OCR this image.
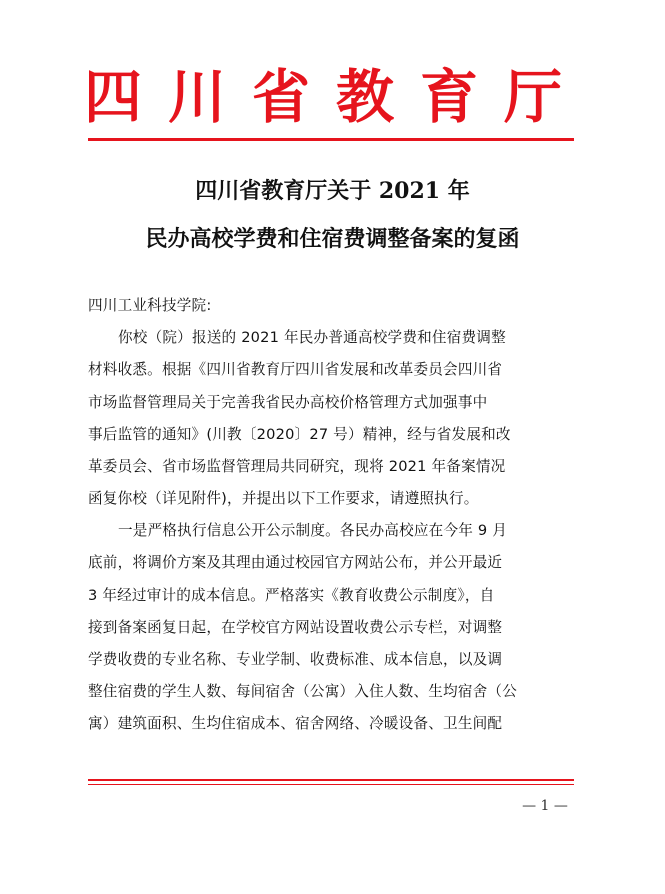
四川省教育厅
四川省教育厅关于 2021 年
民办高校学费和住宿费调整备案的复函
四川工业科技学院:
你校（院）报送的 2021 年民办普通高校学费和住宿费调整
材料收悉。根据《四川省教育厅四川省发展和改革委员会四川省
市场监督管理局关于完善我省民办高校价格管理方式加强事中
事后监管的通知》(川教〔2020〕27 号）精神，经与省发展和改
革委员会、省市场监督管理局共同研究，现将 2021 年备案情况
函复你校（详见附件)，并提出以下工作要求，请遵照执行。
一是严格执行信息公开公示制度。各民办高校应在今年 9 月
底前，将调价方案及其理由通过校园官方网站公布，并公开最近
3 年经过审计的成本信息。严格落实《教育收费公示制度》，自
接到备案函复日起，在学校官方网站设置收费公示专栏，对调整
学费收费的专业名称、专业学制、收费标准、成本信息，以及调
整住宿费的学生人数、每间宿舍（公寓）入住人数、生均宿舍（公
寓）建筑面积、生均住宿成本、宿舍网络、冷暖设备、卫生间配
— 1 —
